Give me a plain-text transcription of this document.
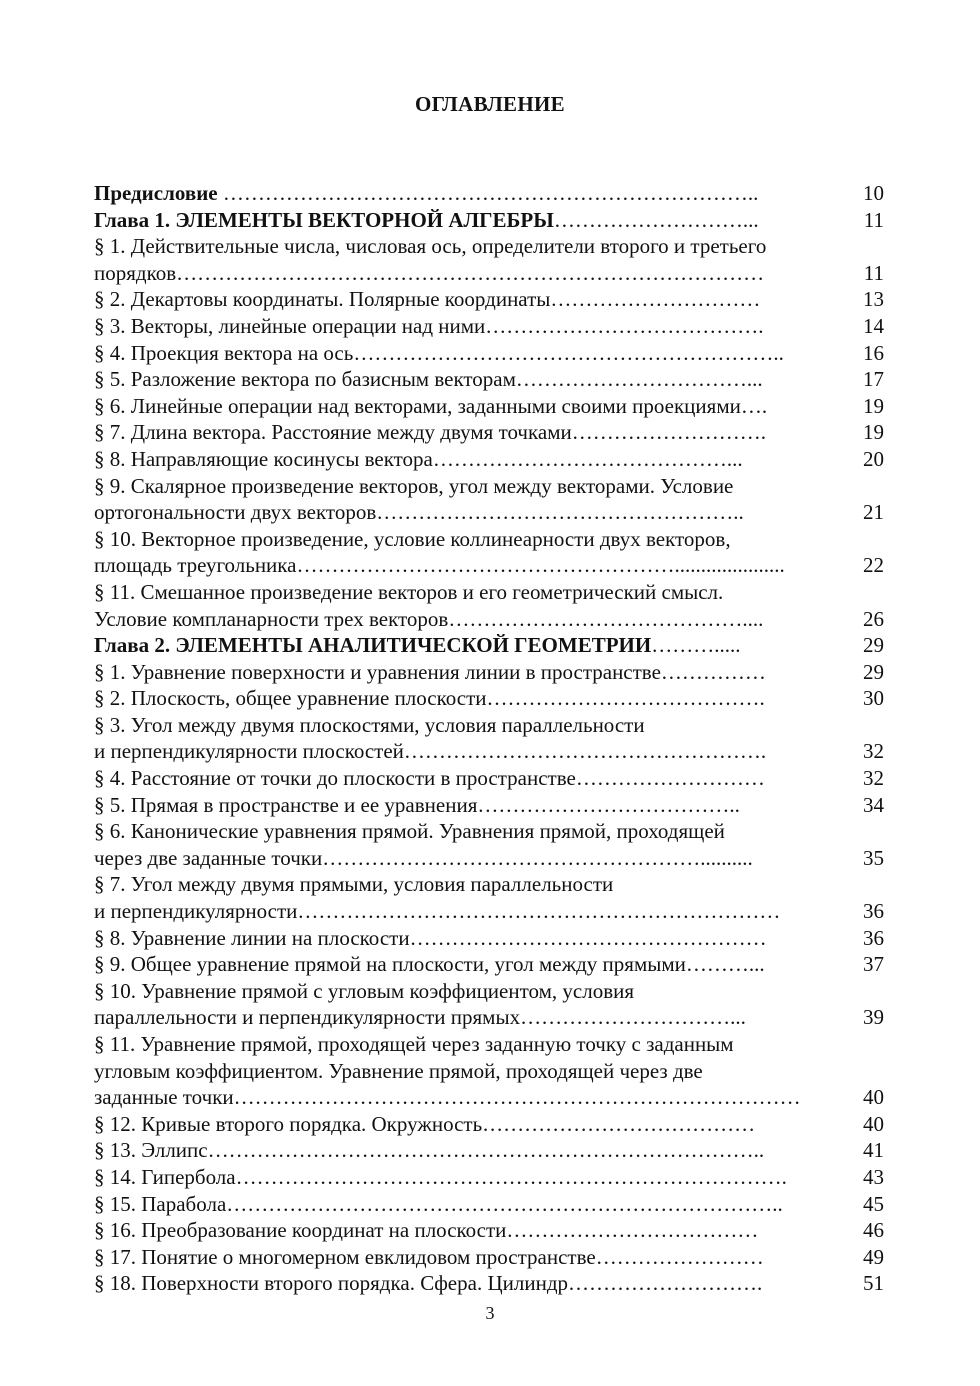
ОГЛАВЛЕНИЕ
Предисловие …………………………………………………………………..	10
Глава 1. ЭЛЕМЕНТЫ ВЕКТОРНОЙ АЛГЕБРЫ………………………...	11
§ 1. Действительные числа, числовая ось, определители второго и третьего
порядков…………………………………………………………………………	11
§ 2. Декартовы координаты. Полярные координаты…………………………	13
§ 3. Векторы, линейные операции над ними………………………………….	14
§ 4. Проекция вектора на ось……………………………………………………..	16
§ 5. Разложение вектора по базисным векторам……………………………...	17
§ 6. Линейные операции над векторами, заданными своими проекциями….	19
§ 7. Длина вектора. Расстояние между двумя точками……………………….	19
§ 8. Направляющие косинусы вектора……………………………………...	20
§ 9. Скалярное произведение векторов, угол между векторами. Условие
ортогональности двух векторов……………………………………………..	21
§ 10. Векторное произведение, условие коллинеарности двух векторов,
площадь треугольника……………………………………………….....................	22
§ 11. Смешанное произведение векторов и его геометрический смысл.
Условие компланарности трех векторов……………………………………....	26
Глава 2. ЭЛЕМЕНТЫ АНАЛИТИЧЕСКОЙ ГЕОМЕТРИИ……….....	29
§ 1. Уравнение поверхности и уравнения линии в пространстве……………	29
§ 2. Плоскость, общее уравнение плоскости………………………………….	30
§ 3. Угол между двумя плоскостями, условия параллельности
и перпендикулярности плоскостей…………………………………………….	32
§ 4. Расстояние от точки до плоскости в пространстве………………………	32
§ 5. Прямая в пространстве и ее уравнения………………………………..	34
§ 6. Канонические уравнения прямой. Уравнения прямой, проходящей
через две заданные точки………………………………………………..........	35
§ 7. Угол между двумя прямыми, условия параллельности
и перпендикулярности……………………………………………………………	36
§ 8. Уравнение линии на плоскости……………………………………………	36
§ 9. Общее уравнение прямой на плоскости, угол между прямыми………...	37
§ 10. Уравнение прямой с угловым коэффициентом, условия
параллельности и перпендикулярности прямых…………………………...	39
§ 11. Уравнение прямой, проходящей через заданную точку с заданным
угловым коэффициентом. Уравнение прямой, проходящей через две
заданные точки………………………………………………………………………	40
§ 12. Кривые второго порядка. Окружность…………………………………	40
§ 13. Эллипс……………………………………………………………………..	41
§ 14. Гипербола…………………………………………………………………….	43
§ 15. Парабола……………………………………………………………………..	45
§ 16. Преобразование координат на плоскости………………………………	46
§ 17. Понятие о многомерном евклидовом пространстве……………………	49
§ 18. Поверхности второго порядка. Сфера. Цилиндр……………………….	51
3
